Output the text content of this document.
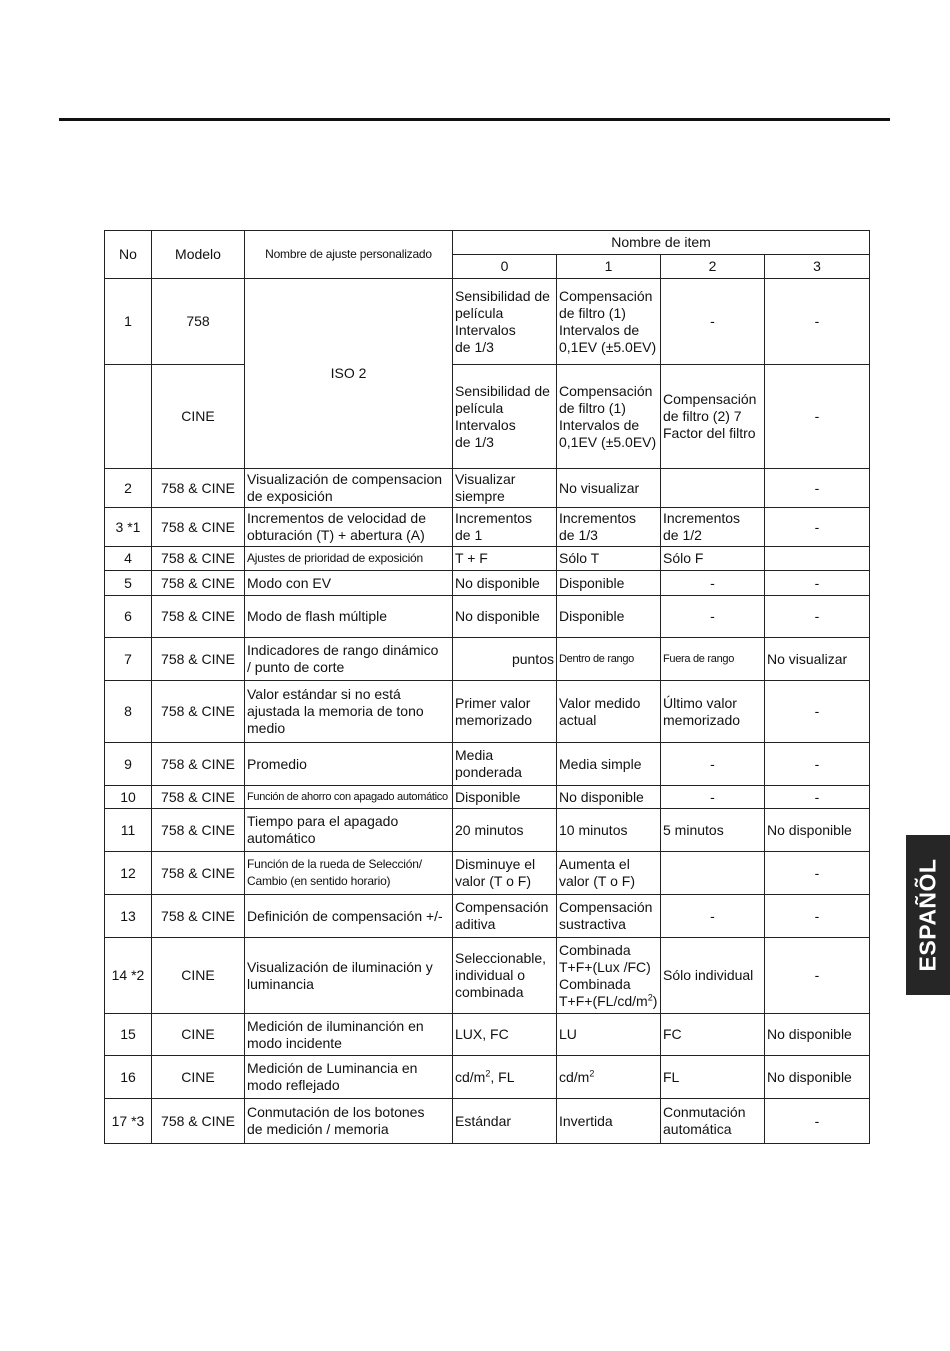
No	Modelo	Nombre de ajuste personalizado	Nombre de item			
			0	1	2	3
1	758	ISO 2	Sensibilidad de
película
Intervalos
de 1/3	Compensación
de filtro (1)
Intervalos de
0,1EV (±5.0EV)	-	-
	CINE		Sensibilidad de
película
Intervalos
de 1/3	Compensación
de filtro (1)
Intervalos de
0,1EV (±5.0EV)	Compensación
de filtro (2) 7
Factor del filtro	-
2	758 & CINE	Visualización de compensacion
de exposición	Visualizar
siempre	No visualizar		-
3 *1	758 & CINE	Incrementos de velocidad de
obturación (T) + abertura (A)	Incrementos
de 1	Incrementos
de 1/3	Incrementos
de 1/2	-
4	758 & CINE	Ajustes de prioridad de exposición	T + F	Sólo T	Sólo F	
5	758 & CINE	Modo con EV	No disponible	Disponible	-	-
6	758 & CINE	Modo de flash múltiple	No disponible	Disponible	-	-
7	758 & CINE	Indicadores de rango dinámico
/ punto de corte	puntos	Dentro de rango	Fuera de rango	No visualizar
8	758 & CINE	Valor estándar si no está
ajustada la memoria de tono
medio	Primer valor
memorizado	Valor medido
actual	Último valor
memorizado	-
9	758 & CINE	Promedio	Media
ponderada	Media simple	-	-
10	758 & CINE	Función de ahorro con apagado automático	Disponible	No disponible	-	-
11	758 & CINE	Tiempo para el apagado
automático	20 minutos	10 minutos	5 minutos	No disponible
12	758 & CINE	Función de la rueda de Selección/
Cambio (en sentido horario)	Disminuye el
valor (T o F)	Aumenta el
valor (T o F)		-
13	758 & CINE	Definición de compensación +/-	Compensación
aditiva	Compensación
sustractiva	-	-
14 *2	CINE	Visualización de iluminación y
luminancia	Seleccionable,
individual o
combinada	Combinada
T+F+(Lux /FC)
Combinada
$T+F+(FL/cd/m^2)$	Sólo individual	-
15	CINE	Medición de iluminanción en
modo incidente	LUX, FC	LU	FC	No disponible
16	CINE	Medición de Luminancia en
modo reflejado	$cd/m^2$, FL	$cd/m^2$	FL	No disponible
17 *3	758 & CINE	Conmutación de los botones
de medición / memoria	Estándar	Invertida	Conmutación
automática	-
ESPAÑÕL
